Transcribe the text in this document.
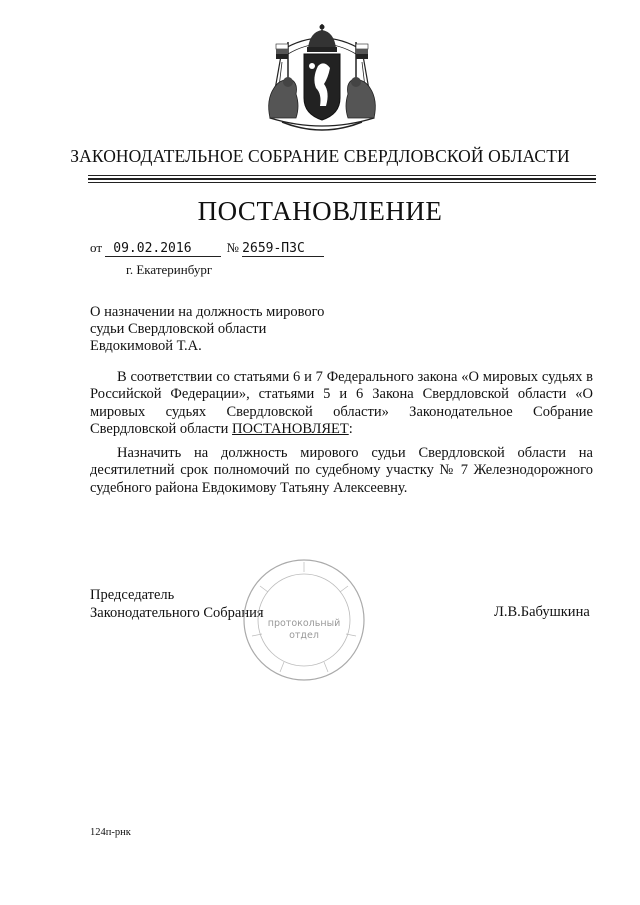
ЗАКОНОДАТЕЛЬНОЕ СОБРАНИЕ СВЕРДЛОВСКОЙ ОБЛАСТИ
ПОСТАНОВЛЕНИЕ
от 09.02.2016	№ 2659-ПЗС
г. Екатеринбург
О назначении на должность мирового судьи Свердловской области Евдокимовой Т.А.
В соответствии со статьями 6 и 7 Федерального закона «О мировых судьях в Российской Федерации», статьями 5 и 6 Закона Свердловской области «О мировых судьях Свердловской области» Законодательное Собрание Свердловской области ПОСТАНОВЛЯЕТ:
Назначить на должность мирового судьи Свердловской области на десятилетний срок полномочий по судебному участку № 7 Железнодорожного судебного района Евдокимову Татьяну Алексеевну.
Председатель
Законодательного Собрания
протокольный
отдел
Л.В.Бабушкина
124п-рнк
